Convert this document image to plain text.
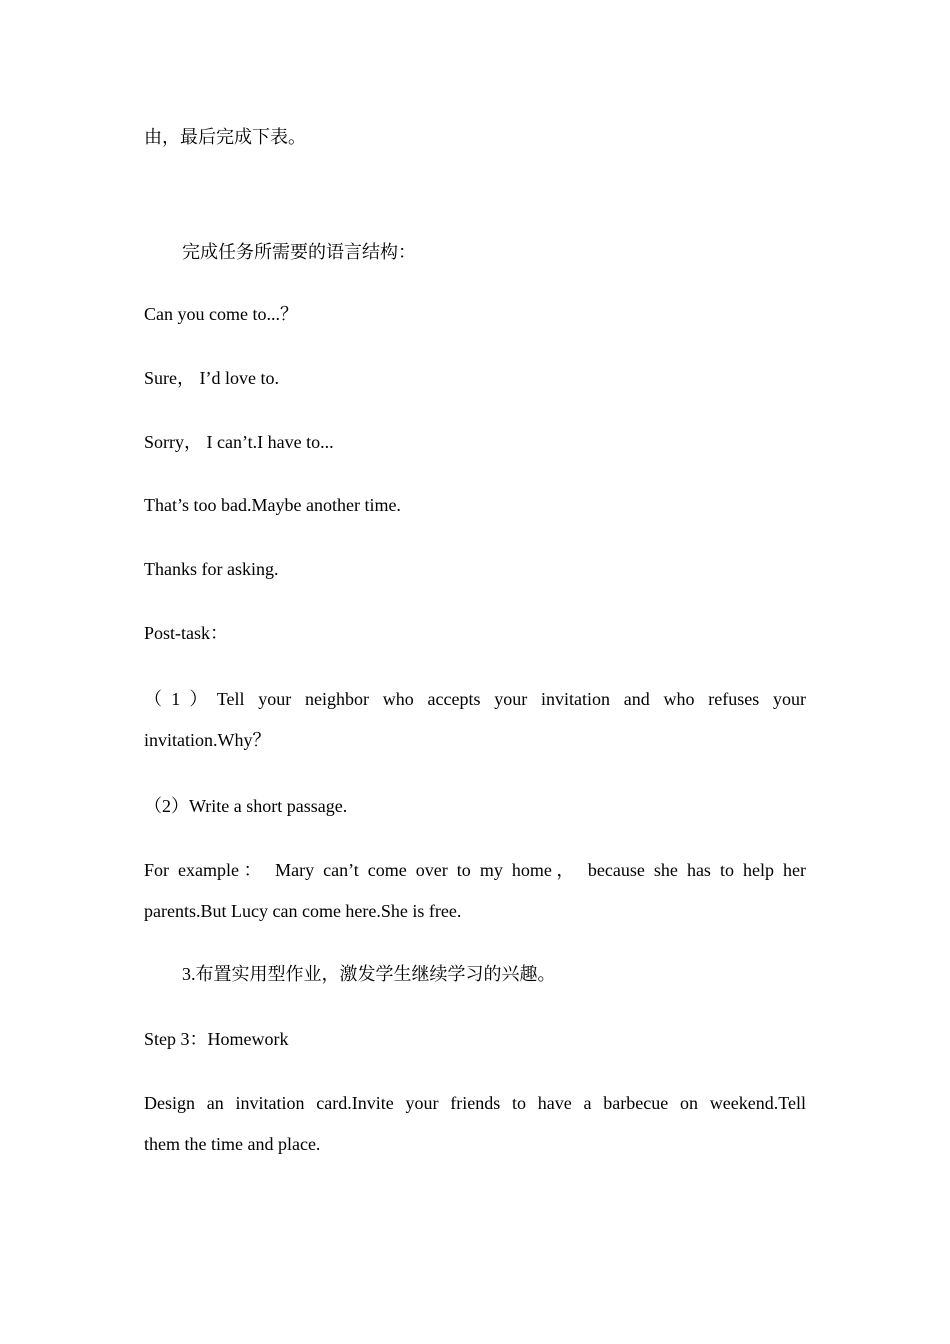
由，最后完成下表。
完成任务所需要的语言结构：
Can you come to...？
Sure， I’d love to.
Sorry， I can’t.I have to...
That’s too bad.Maybe another time.
Thanks for asking.
Post-task：
（1）Tell your neighbor who accepts your invitation and who refuses your
invitation.Why？
（2）Write a short passage.
For example： Mary can’t come over to my home， because she has to help her
parents.But Lucy can come here.She is free.
3.布置实用型作业，激发学生继续学习的兴趣。
Step 3：Homework
Design an invitation card.Invite your friends to have a barbecue on weekend.Tell
them the time and place.
